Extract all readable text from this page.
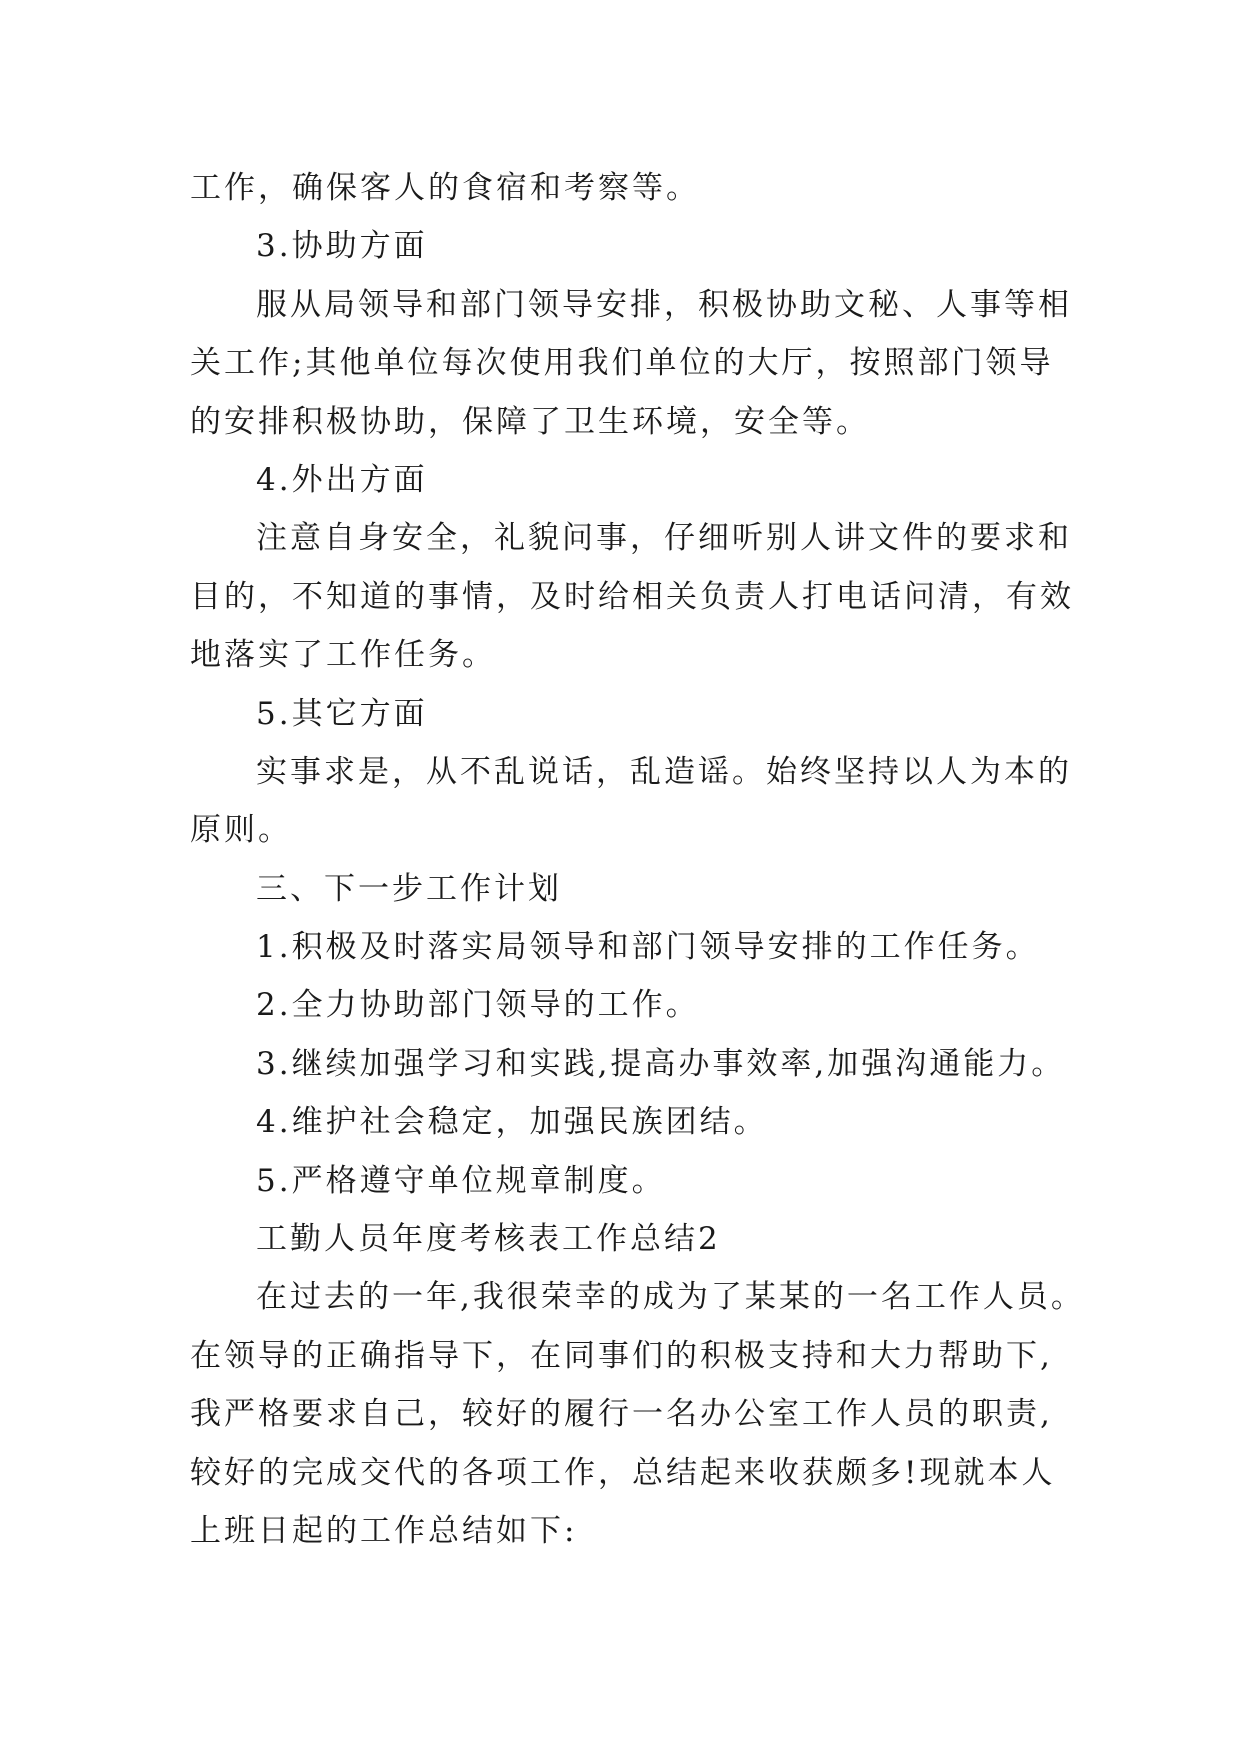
工作，确保客人的食宿和考察等。
3.协助方面
服从局领导和部门领导安排，积极协助文秘、人事等相
关工作;其他单位每次使用我们单位的大厅，按照部门领导
的安排积极协助，保障了卫生环境，安全等。
4.外出方面
注意自身安全，礼貌问事，仔细听别人讲文件的要求和
目的，不知道的事情，及时给相关负责人打电话问清，有效
地落实了工作任务。
5.其它方面
实事求是，从不乱说话，乱造谣。始终坚持以人为本的
原则。
三、下一步工作计划
1.积极及时落实局领导和部门领导安排的工作任务。
2.全力协助部门领导的工作。
3.继续加强学习和实践,提高办事效率,加强沟通能力。
4.维护社会稳定，加强民族团结。
5.严格遵守单位规章制度。
工勤人员年度考核表工作总结2
在过去的一年,我很荣幸的成为了某某的一名工作人员。
在领导的正确指导下，在同事们的积极支持和大力帮助下,
我严格要求自己，较好的履行一名办公室工作人员的职责,
较好的完成交代的各项工作，总结起来收获颇多!现就本人
上班日起的工作总结如下:
